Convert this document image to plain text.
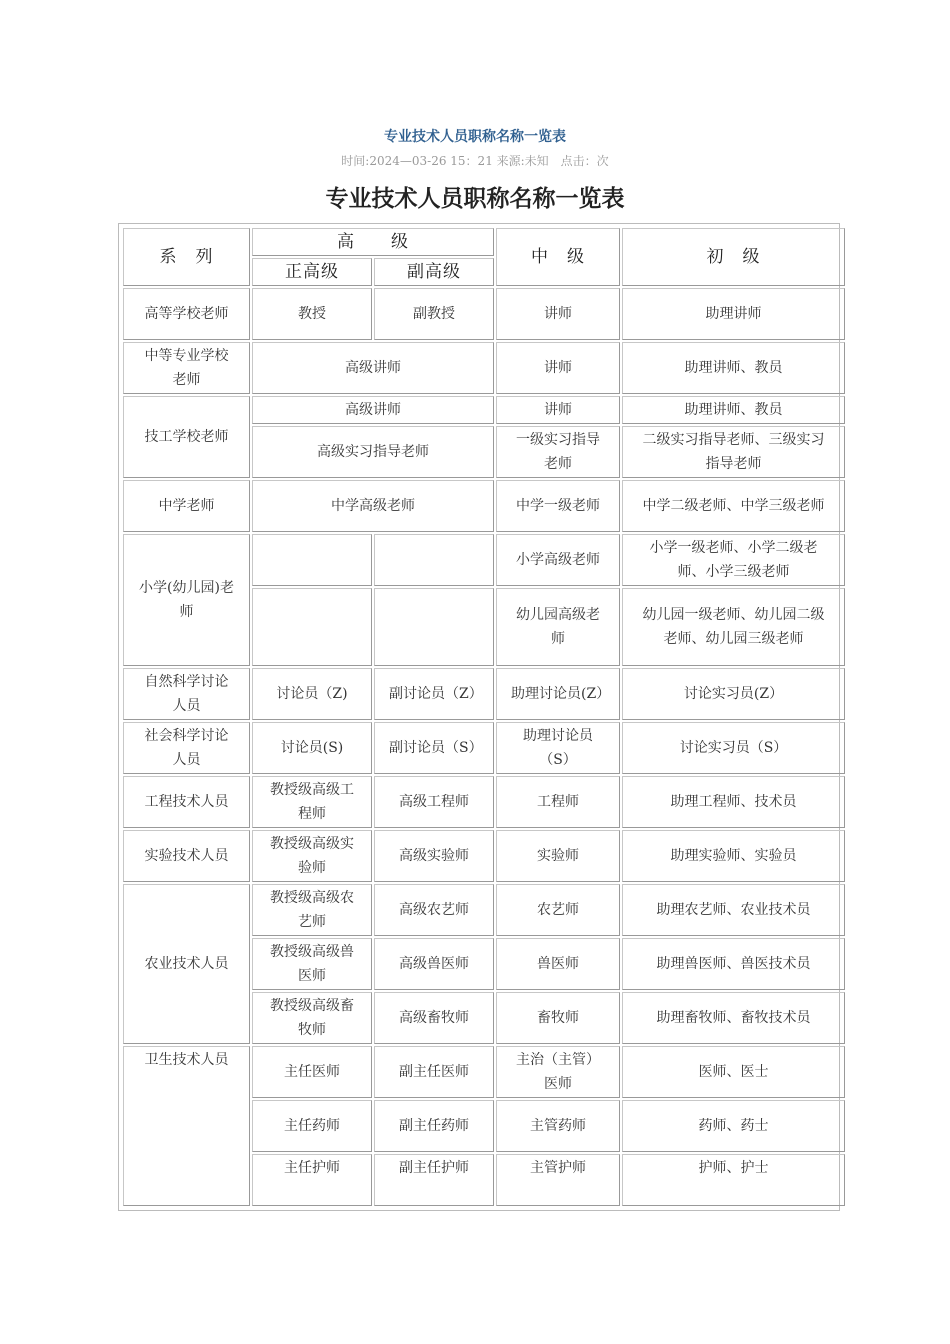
专业技术人员职称名称一览表
时间:2024—03-26 15：21 来源:未知　点击：次
专业技术人员职称名称一览表
系　列	高　　级		中　级	初　级
	正高级	副高级		
高等学校老师	教授	副教授	讲师	助理讲师
中等专业学校老师	高级讲师		讲师	助理讲师、教员
技工学校老师	高级讲师		讲师	助理讲师、教员
	高级实习指导老师		一级实习指导老师	二级实习指导老师、三级实习指导老师
中学老师	中学高级老师		中学一级老师	中学二级老师、中学三级老师
小学(幼儿园)老师			小学高级老师	小学一级老师、小学二级老师、小学三级老师
			幼儿园高级老师	幼儿园一级老师、幼儿园二级老师、幼儿园三级老师
自然科学讨论人员	讨论员（Z)	副讨论员（Z）	助理讨论员(Z）	讨论实习员(Z）
社会科学讨论人员	讨论员(S)	副讨论员（S）	助理讨论员（S）	讨论实习员（S）
工程技术人员	教授级高级工程师	高级工程师	工程师	助理工程师、技术员
实验技术人员	教授级高级实验师	高级实验师	实验师	助理实验师、实验员
农业技术人员	教授级高级农艺师	高级农艺师	农艺师	助理农艺师、农业技术员
	教授级高级兽医师	高级兽医师	兽医师	助理兽医师、兽医技术员
	教授级高级畜牧师	高级畜牧师	畜牧师	助理畜牧师、畜牧技术员
卫生技术人员	主任医师	副主任医师	主治（主管）医师	医师、医士
	主任药师	副主任药师	主管药师	药师、药士
	主任护师	副主任护师	主管护师	护师、护士
